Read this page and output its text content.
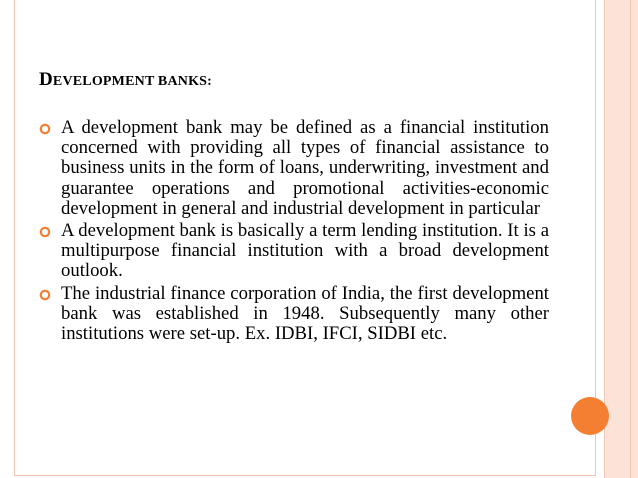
DEVELOPMENT BANKS:

A development bank may be defined as a financial institution concerned with providing all types of financial assistance to business units in the form of loans, underwriting, investment and guarantee operations and promotional activities-economic development in general and industrial development in particular

A development bank is basically a term lending institution. It is a multipurpose financial institution with a broad development outlook.

The industrial finance corporation of India, the first development bank was established in 1948. Subsequently many other institutions were set-up. Ex. IDBI, IFCI, SIDBI etc.
